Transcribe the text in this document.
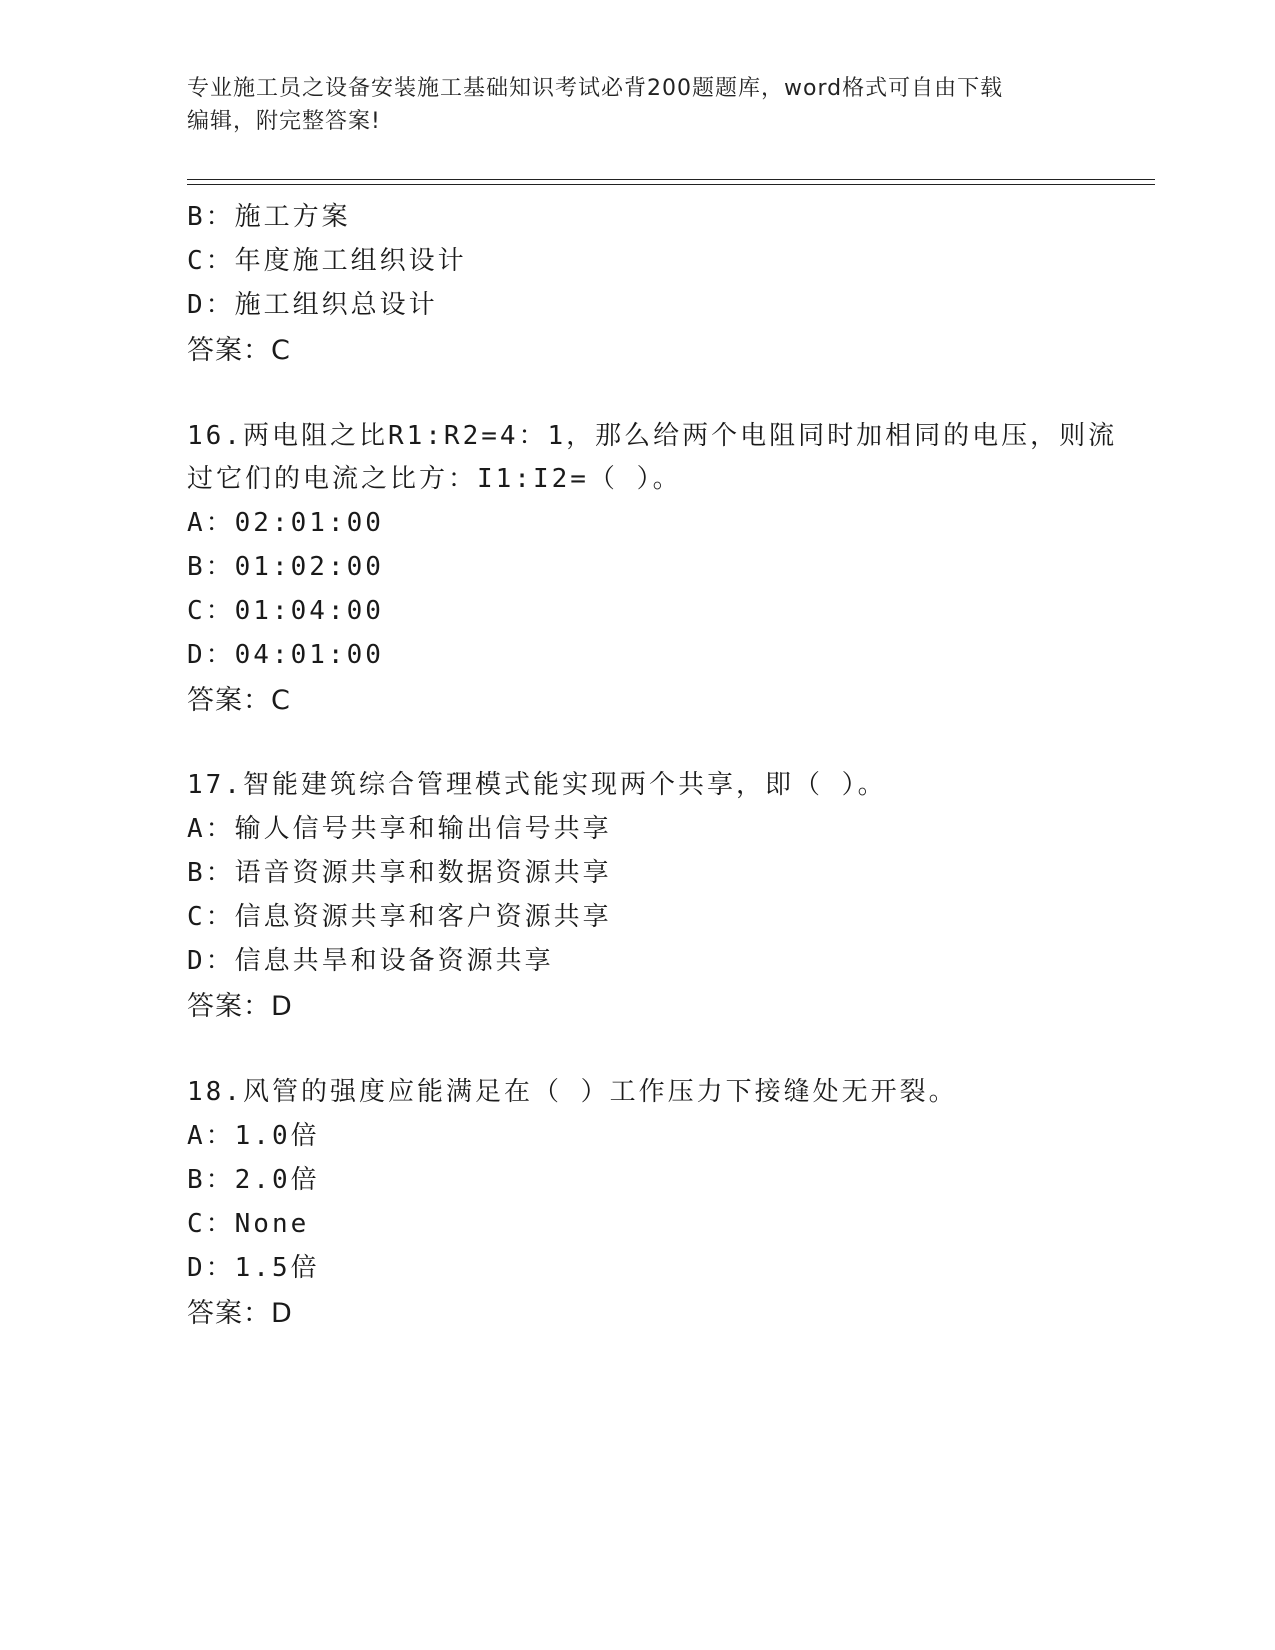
专业施工员之设备安装施工基础知识考试必背200题题库，word格式可自由下载
编辑，附完整答案!
B：施工方案
C：年度施工组织设计
D：施工组织总设计
答案：C
16.两电阻之比R1:R2=4：1，那么给两个电阻同时加相同的电压，则流
过它们的电流之比方：I1:I2=（ ）。
A：02:01:00
B：01:02:00
C：01:04:00
D：04:01:00
答案：C
17.智能建筑综合管理模式能实现两个共享，即（ ）。
A：输人信号共享和输出信号共享
B：语音资源共享和数据资源共享
C：信息资源共享和客户资源共享
D：信息共旱和设备资源共享
答案：D
18.风管的强度应能满足在（ ）工作压力下接缝处无开裂。
A：1.0倍
B：2.0倍
C：None
D：1.5倍
答案：D
